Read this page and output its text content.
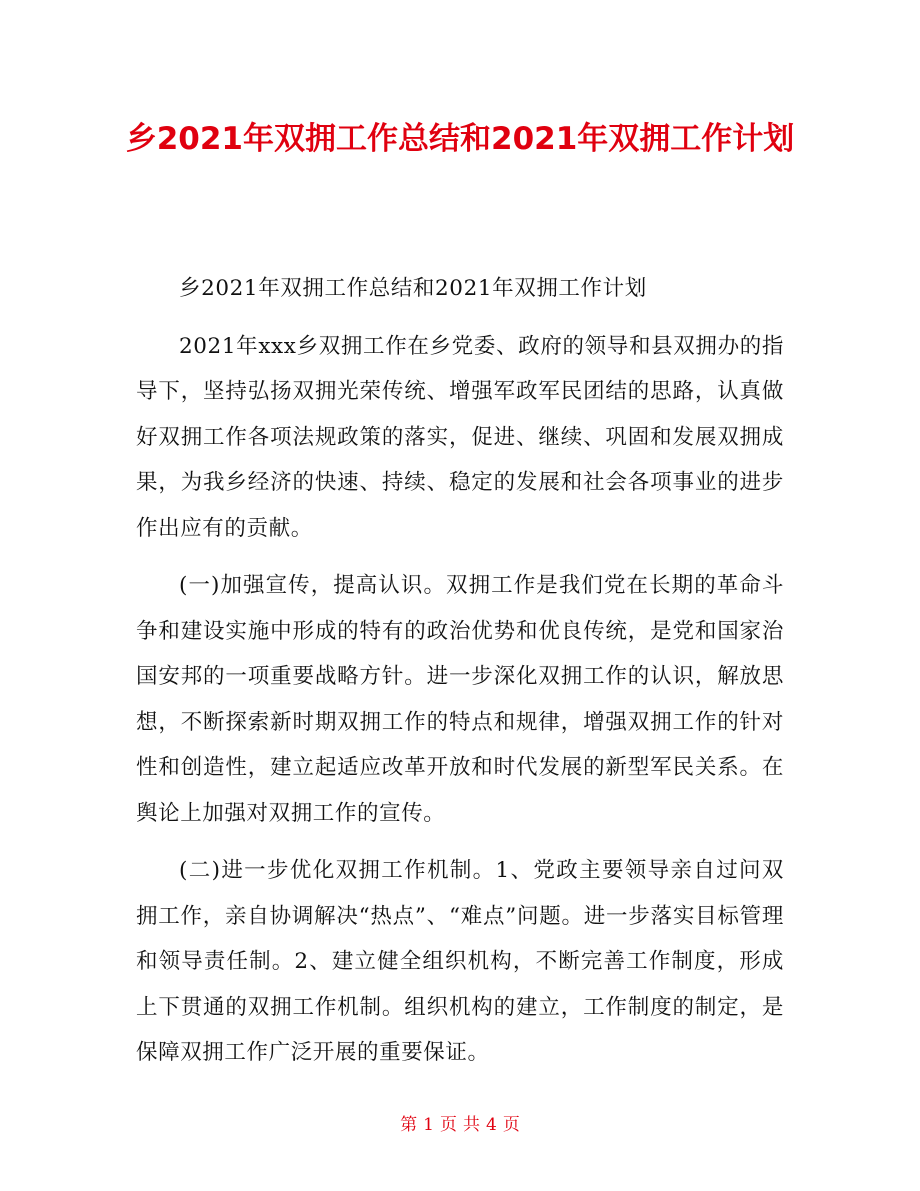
乡2021年双拥工作总结和2021年双拥工作计划

乡2021年双拥工作总结和2021年双拥工作计划

2021年xxx乡双拥工作在乡党委、政府的领导和县双拥办的指导下，坚持弘扬双拥光荣传统、增强军政军民团结的思路，认真做好双拥工作各项法规政策的落实，促进、继续、巩固和发展双拥成果，为我乡经济的快速、持续、稳定的发展和社会各项事业的进步作出应有的贡献。

(一)加强宣传，提高认识。双拥工作是我们党在长期的革命斗争和建设实施中形成的特有的政治优势和优良传统，是党和国家治国安邦的一项重要战略方针。进一步深化双拥工作的认识，解放思想，不断探索新时期双拥工作的特点和规律，增强双拥工作的针对性和创造性，建立起适应改革开放和时代发展的新型军民关系。在舆论上加强对双拥工作的宣传。

(二)进一步优化双拥工作机制。1、党政主要领导亲自过问双拥工作，亲自协调解决“热点”、“难点”问题。进一步落实目标管理和领导责任制。2、建立健全组织机构，不断完善工作制度，形成上下贯通的双拥工作机制。组织机构的建立，工作制度的制定，是保障双拥工作广泛开展的重要保证。

第 1 页 共 4 页
